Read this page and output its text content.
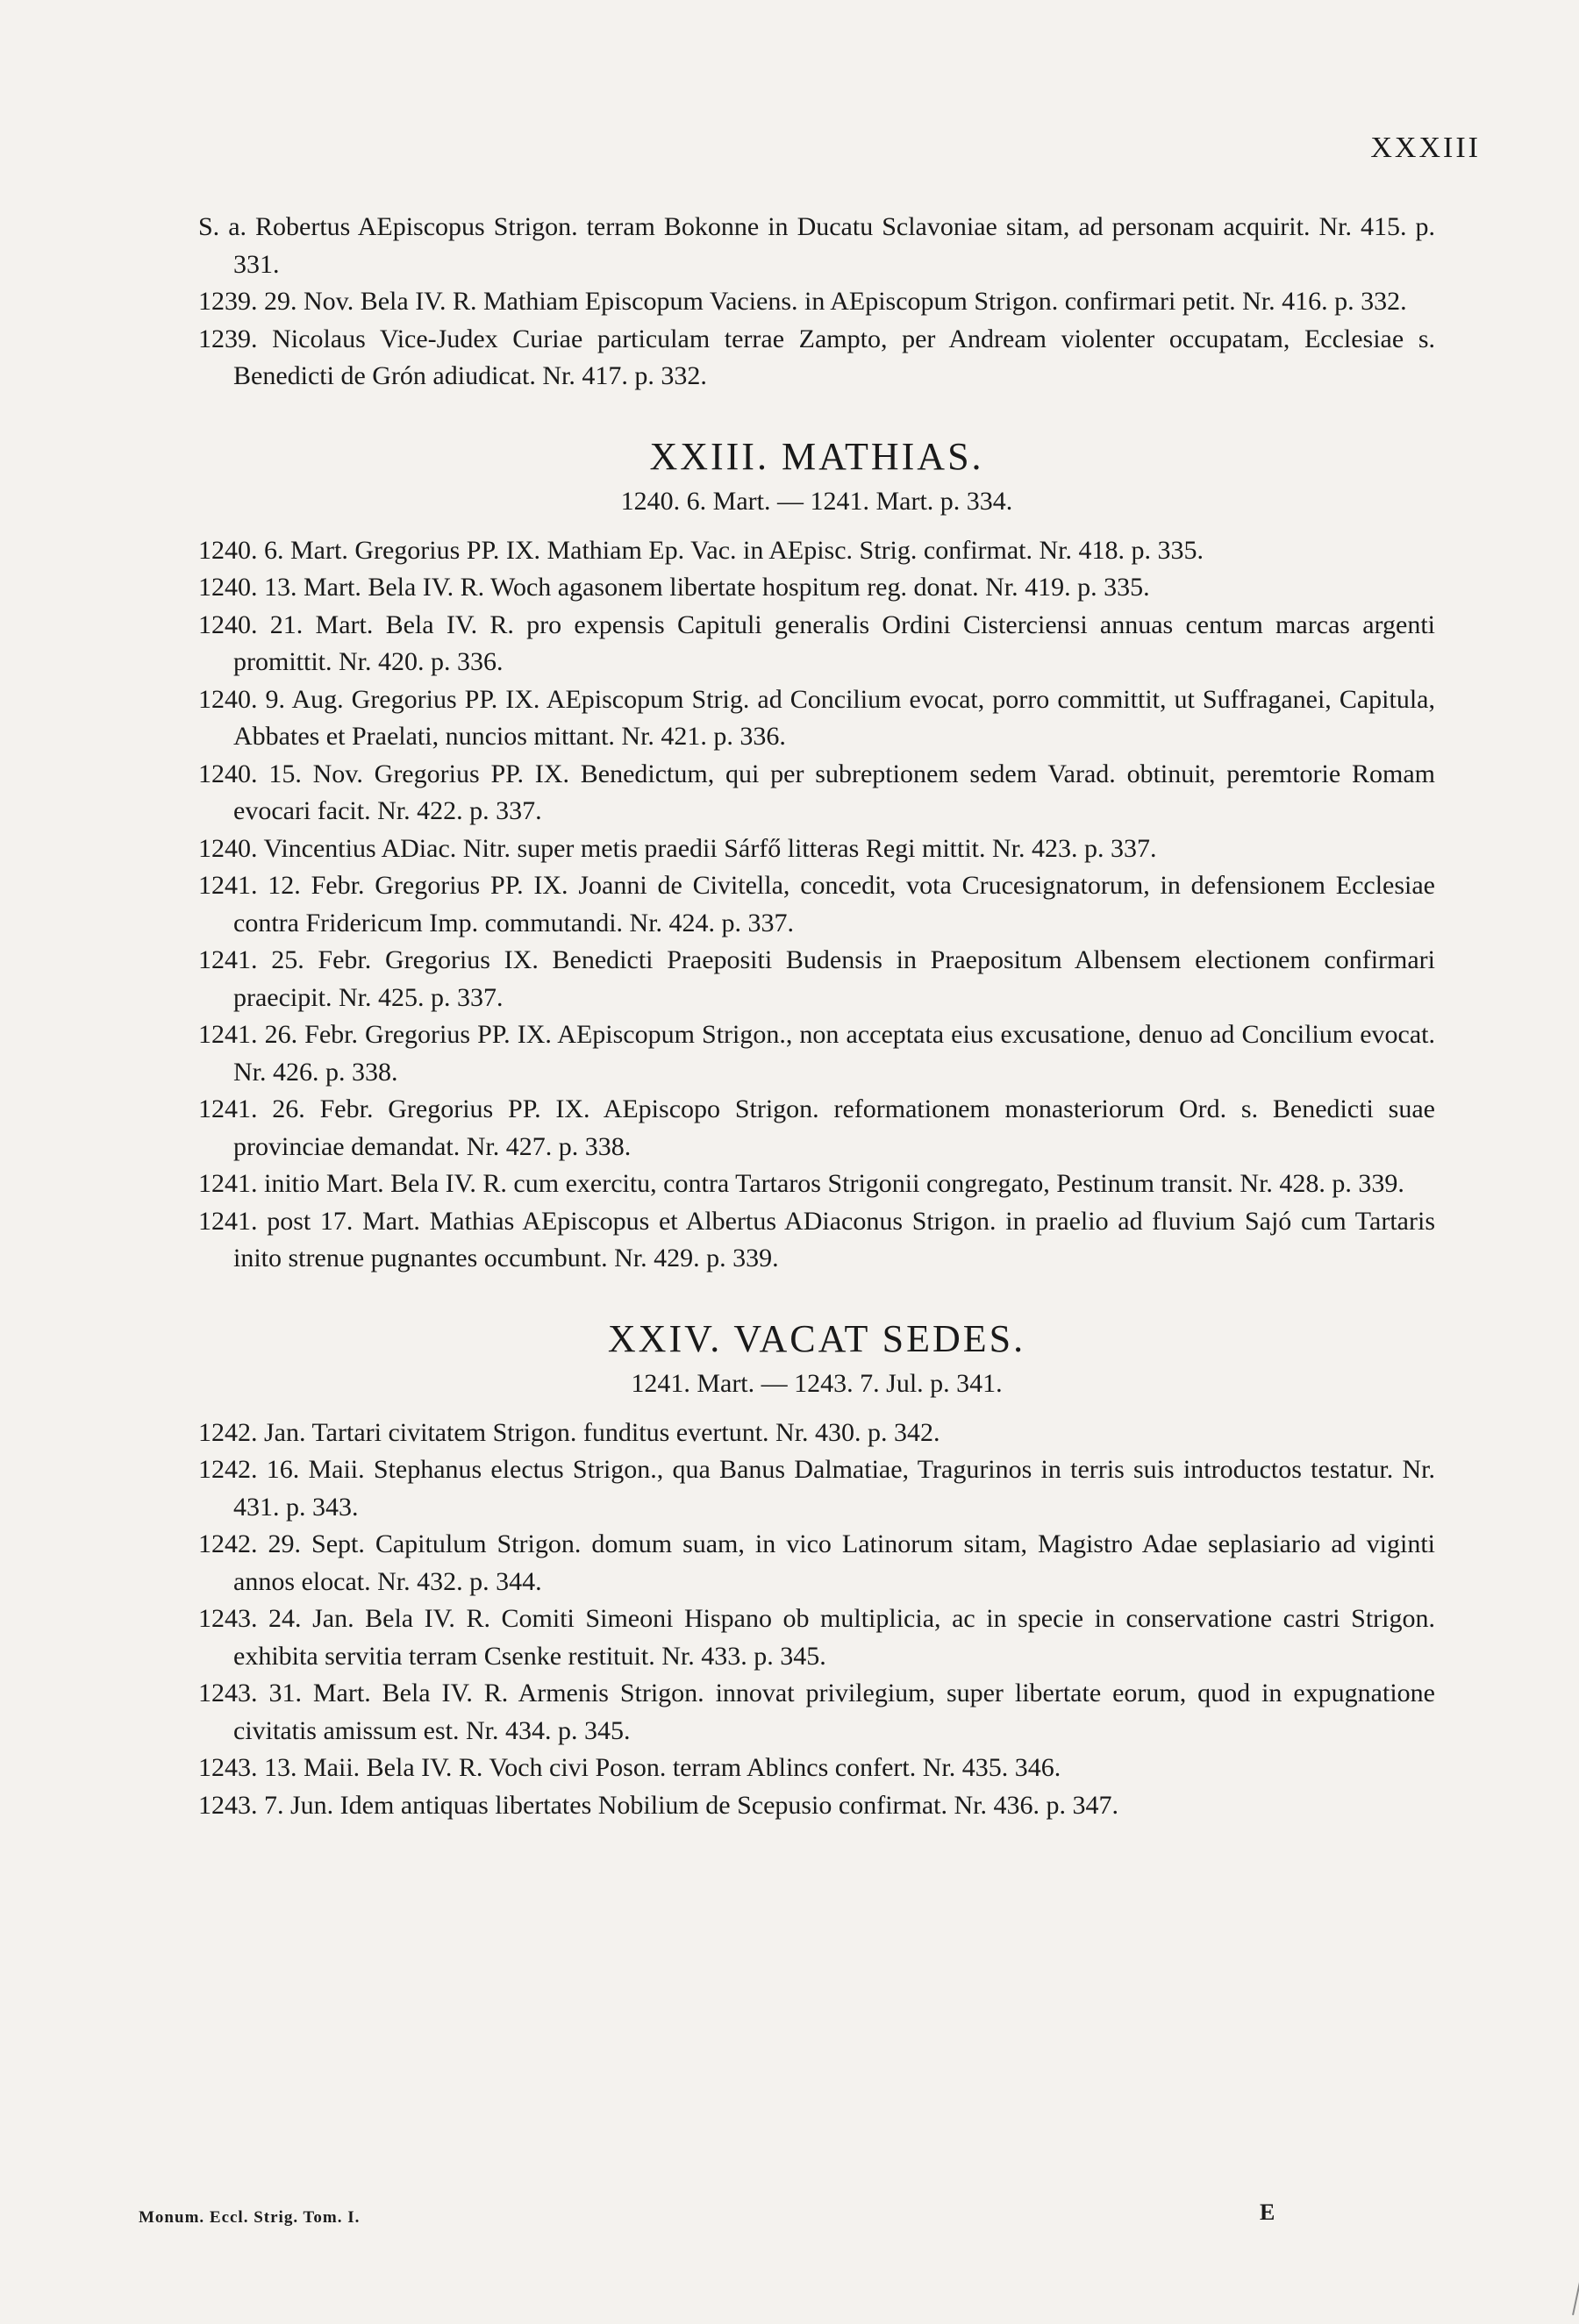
XXXIII

S. a. Robertus AEpiscopus Strigon. terram Bokonne in Ducatu Sclavoniae sitam, ad personam acquirit. Nr. 415. p. 331.

1239. 29. Nov. Bela IV. R. Mathiam Episcopum Vaciens. in AEpiscopum Strigon. confirmari petit. Nr. 416. p. 332.

1239. Nicolaus Vice-Judex Curiae particulam terrae Zampto, per Andream violenter occupatam, Ecclesiae s. Benedicti de Grón adiudicat. Nr. 417. p. 332.

XXIII. MATHIAS.
1240. 6. Mart. — 1241. Mart. p. 334.

1240. 6. Mart. Gregorius PP. IX. Mathiam Ep. Vac. in AEpisc. Strig. confirmat. Nr. 418. p. 335.

1240. 13. Mart. Bela IV. R. Woch agasonem libertate hospitum reg. donat. Nr. 419. p. 335.

1240. 21. Mart. Bela IV. R. pro expensis Capituli generalis Ordini Cisterciensi annuas centum marcas argenti promittit. Nr. 420. p. 336.

1240. 9. Aug. Gregorius PP. IX. AEpiscopum Strig. ad Concilium evocat, porro committit, ut Suffraganei, Capitula, Abbates et Praelati, nuncios mittant. Nr. 421. p. 336.

1240. 15. Nov. Gregorius PP. IX. Benedictum, qui per subreptionem sedem Varad. obtinuit, peremtorie Romam evocari facit. Nr. 422. p. 337.

1240. Vincentius ADiac. Nitr. super metis praedii Sárfő litteras Regi mittit. Nr. 423. p. 337.

1241. 12. Febr. Gregorius PP. IX. Joanni de Civitella, concedit, vota Crucesignatorum, in defensionem Ecclesiae contra Fridericum Imp. commutandi. Nr. 424. p. 337.

1241. 25. Febr. Gregorius IX. Benedicti Praepositi Budensis in Praepositum Albensem electionem confirmari praecipit. Nr. 425. p. 337.

1241. 26. Febr. Gregorius PP. IX. AEpiscopum Strigon., non acceptata eius excusatione, denuo ad Concilium evocat. Nr. 426. p. 338.

1241. 26. Febr. Gregorius PP. IX. AEpiscopo Strigon. reformationem monasteriorum Ord. s. Benedicti suae provinciae demandat. Nr. 427. p. 338.

1241. initio Mart. Bela IV. R. cum exercitu, contra Tartaros Strigonii congregato, Pestinum transit. Nr. 428. p. 339.

1241. post 17. Mart. Mathias AEpiscopus et Albertus ADiaconus Strigon. in praelio ad fluvium Sajó cum Tartaris inito strenue pugnantes occumbunt. Nr. 429. p. 339.

XXIV. VACAT SEDES.
1241. Mart. — 1243. 7. Jul. p. 341.

1242. Jan. Tartari civitatem Strigon. funditus evertunt. Nr. 430. p. 342.

1242. 16. Maii. Stephanus electus Strigon., qua Banus Dalmatiae, Tragurinos in terris suis introductos testatur. Nr. 431. p. 343.

1242. 29. Sept. Capitulum Strigon. domum suam, in vico Latinorum sitam, Magistro Adae seplasiario ad viginti annos elocat. Nr. 432. p. 344.

1243. 24. Jan. Bela IV. R. Comiti Simeoni Hispano ob multiplicia, ac in specie in conservatione castri Strigon. exhibita servitia terram Csenke restituit. Nr. 433. p. 345.

1243. 31. Mart. Bela IV. R. Armenis Strigon. innovat privilegium, super libertate eorum, quod in expugnatione civitatis amissum est. Nr. 434. p. 345.

1243. 13. Maii. Bela IV. R. Voch civi Poson. terram Ablincs confert. Nr. 435. 346.

1243. 7. Jun. Idem antiquas libertates Nobilium de Scepusio confirmat. Nr. 436. p. 347.

Monum. Eccl. Strig. Tom. I.	E
